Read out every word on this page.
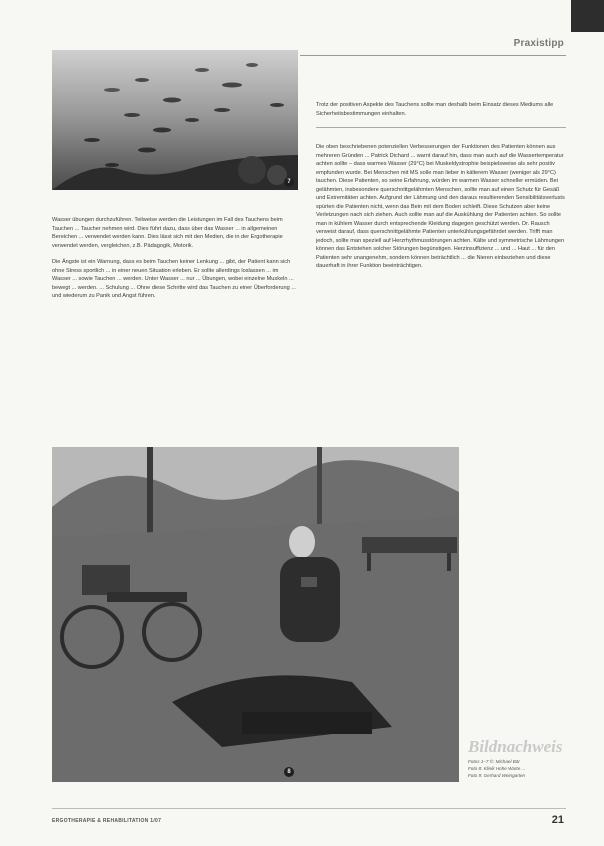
Praxistipp
7

Wasser übungen durchzuführen. Teilweise werden die Leistungen im Fall des Tauchens beim Tauchen ... Taucher nehmen wird. Dies führt dazu, dass über das Wasser ... in allgemeinen Bereichen ... verwendet werden kann. Dies lässt sich mit den Medien, die in der Ergotherapie verwendet werden, vergleichen, z.B. Pädagogik, Motorik.

Die Ängste ist ein Warnung, dass es beim Tauchen keiner Lenkung ... gibt, der Patient kann sich ohne Stress sportlich ... in einer neuen Situation erleben. Er sollte allerdings loslassen ... im Wasser ... sowie Tauchen ... werden. Unter Wasser ... nur ... Übungen, wobei einzelne Muskeln ... bewegt ... werden. ... Schulung ... Ohne diese Schritte wird das Tauchen zu einer Überforderung ... und wiederum zu Panik und Angst führen.

Trotz der positiven Aspekte des Tauchens sollte man deshalb beim Einsatz dieses Mediums alle Sicherheitsbestimmungen einhalten.

Die oben beschriebenen potenziellen Verbesserungen der Funktionen des Patienten können aus mehreren Gründen ... Patrick Dichard ... warnt darauf hin, dass man auch auf die Wassertemperatur achten sollte – dass warmes Wasser (29°C) bei Muskeldystrophie beispielsweise als sehr positiv empfunden wurde. Bei Menschen mit MS solle man lieber in kälterem Wasser (weniger als 29°C) tauchen. Diese Patienten, so seine Erfahrung, würden im warmen Wasser schneller ermüden. Bei gelähmten, insbesondere querschnittgelähmten Menschen, sollte man auf einen Schutz für Gesäß und Extremitäten achten. Aufgrund der Lähmung und den daraus resultierenden Sensibilitätsverlusts spürten die Patienten nicht, wenn das Bein mit dem Boden schleift. Diese Schutzen aber keine Verletzungen nach sich ziehen. Auch sollte man auf die Auskühlung der Patienten achten. So sollte man in kühlem Wasser durch entsprechende Kleidung dagegen geschützt werden. Dr. Rausch verweist darauf, dass querschnittgelähmte Patienten unterkühlungsgefährdet werden. Trifft man jedoch, sollte man speziell auf Herzrhythmusstörungen achten. Kälte und symmetrische Lähmungen können das Entstehen solcher Störungen begünstigen. Herzinsuffizienz ... und ... Haut ... für den Patienten sehr unangenehm, sondern können beträchtlich ... die Nieren einbeziehen und diese dauerhaft in ihrer Funktion beeinträchtigen.

8
Bildnachweis
Fotos 1–7 ©: Michael Bär
Foto 8: Klinik Hohe Warte ...
Foto 9: Gerhard Weingarten
ERGOTHERAPIE & REHABILITATION 1/07	21
